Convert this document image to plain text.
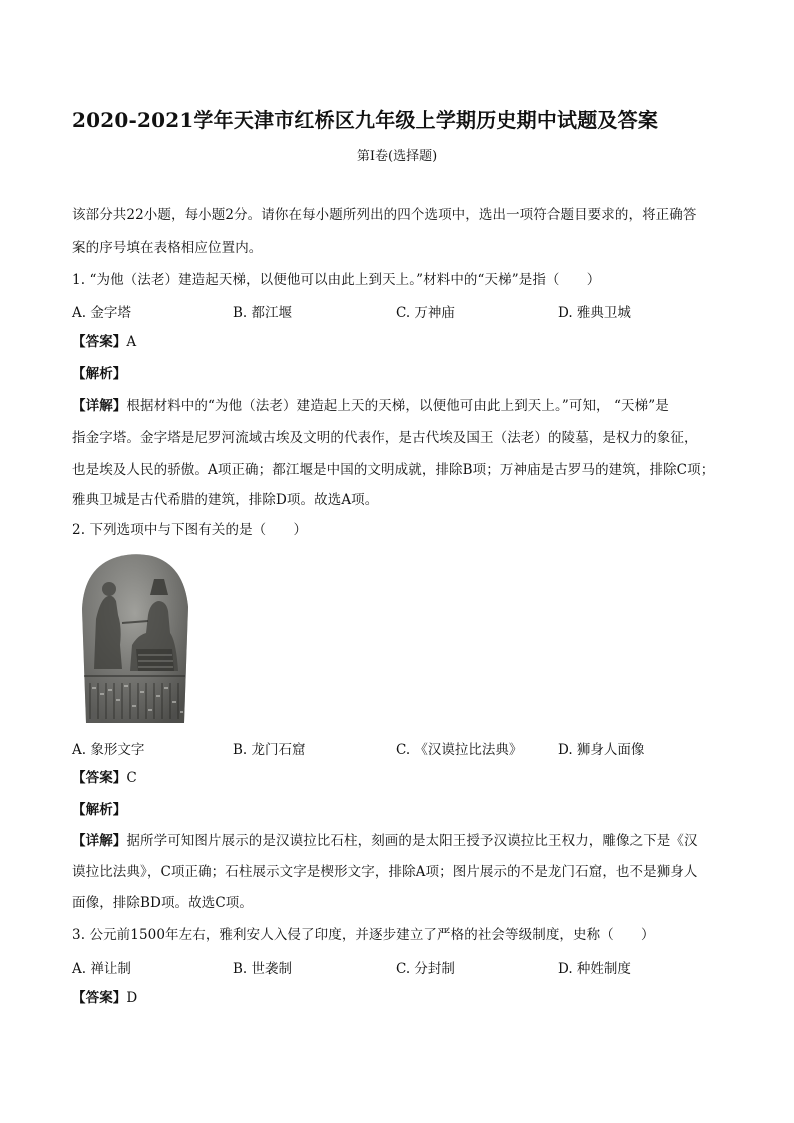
2020-2021学年天津市红桥区九年级上学期历史期中试题及答案
第Ⅰ卷(选择题)
该部分共22小题，每小题2分。请你在每小题所列出的四个选项中，选出一项符合题目要求的，将正确答
案的序号填在表格相应位置内。
1. “为他（法老）建造起天梯，以便他可以由此上到天上。”材料中的“天梯”是指（　　）
A. 金字塔	B. 都江堰	C. 万神庙	D. 雅典卫城
【答案】A
【解析】
【详解】根据材料中的“为他（法老）建造起上天的天梯，以便他可由此上到天上。”可知， “天梯”是
指金字塔。金字塔是尼罗河流域古埃及文明的代表作，是古代埃及国王（法老）的陵墓，是权力的象征，
也是埃及人民的骄傲。A项正确；都江堰是中国的文明成就，排除B项；万神庙是古罗马的建筑，排除C项；
雅典卫城是古代希腊的建筑，排除D项。故选A项。
2. 下列选项中与下图有关的是（　　）
A. 象形文字	B. 龙门石窟	C. 《汉谟拉比法典》	D. 狮身人面像
【答案】C
【解析】
【详解】据所学可知图片展示的是汉谟拉比石柱，刻画的是太阳王授予汉谟拉比王权力，雕像之下是《汉
谟拉比法典》，C项正确；石柱展示文字是楔形文字，排除A项；图片展示的不是龙门石窟，也不是狮身人
面像，排除BD项。故选C项。
3. 公元前1500年左右，雅利安人入侵了印度，并逐步建立了严格的社会等级制度，史称（　　）
A. 禅让制	B. 世袭制	C. 分封制	D. 种姓制度
【答案】D
